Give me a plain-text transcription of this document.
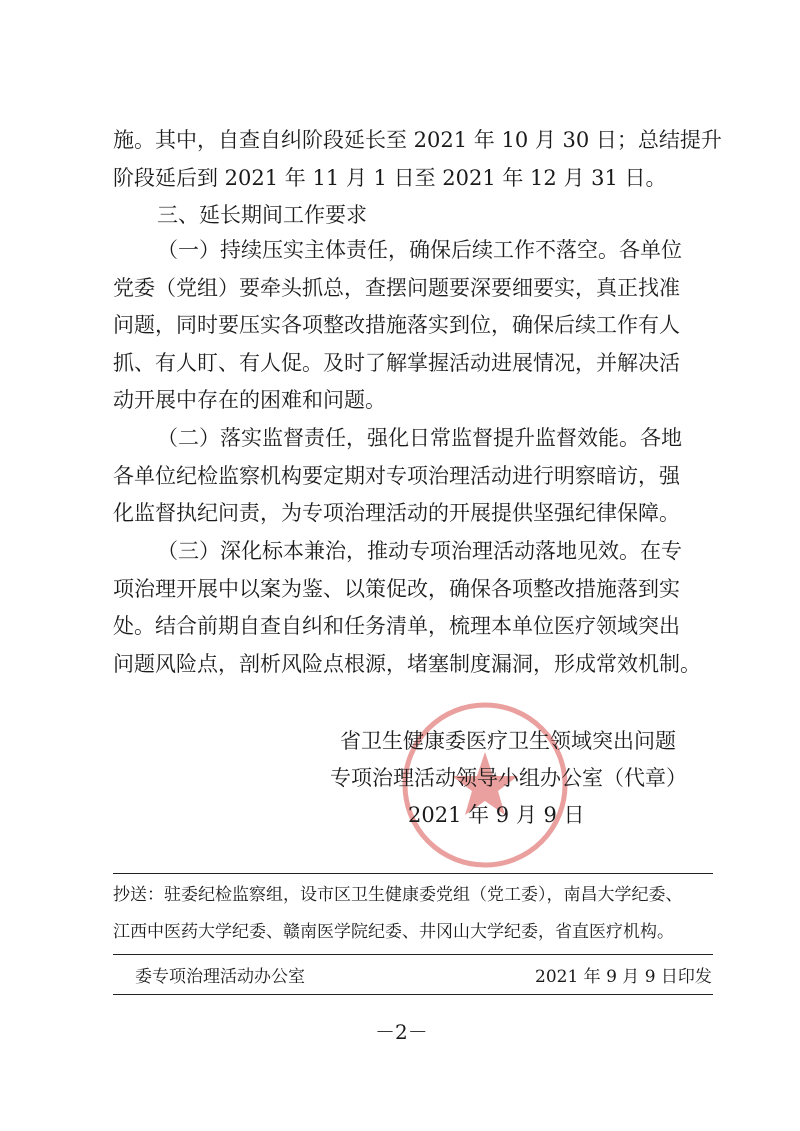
施。其中，自查自纠阶段延长至 2021 年 10 月 30 日；总结提升
阶段延后到 2021 年 11 月 1 日至 2021 年 12 月 31 日。
三、延长期间工作要求
（一）持续压实主体责任，确保后续工作不落空。各单位
党委（党组）要牵头抓总，查摆问题要深要细要实，真正找准
问题，同时要压实各项整改措施落实到位，确保后续工作有人
抓、有人盯、有人促。及时了解掌握活动进展情况，并解决活
动开展中存在的困难和问题。
（二）落实监督责任，强化日常监督提升监督效能。各地
各单位纪检监察机构要定期对专项治理活动进行明察暗访，强
化监督执纪问责，为专项治理活动的开展提供坚强纪律保障。
（三）深化标本兼治，推动专项治理活动落地见效。在专
项治理开展中以案为鉴、以策促改，确保各项整改措施落到实
处。结合前期自查自纠和任务清单，梳理本单位医疗领域突出
问题风险点，剖析风险点根源，堵塞制度漏洞，形成常效机制。
省卫生健康委医疗卫生领域突出问题
专项治理活动领导小组办公室（代章）
2021 年 9 月 9 日
抄送：驻委纪检监察组，设市区卫生健康委党组（党工委），南昌大学纪委、
江西中医药大学纪委、赣南医学院纪委、井冈山大学纪委，省直医疗机构。
委专项治理活动办公室	2021 年 9 月 9 日印发
－2－
